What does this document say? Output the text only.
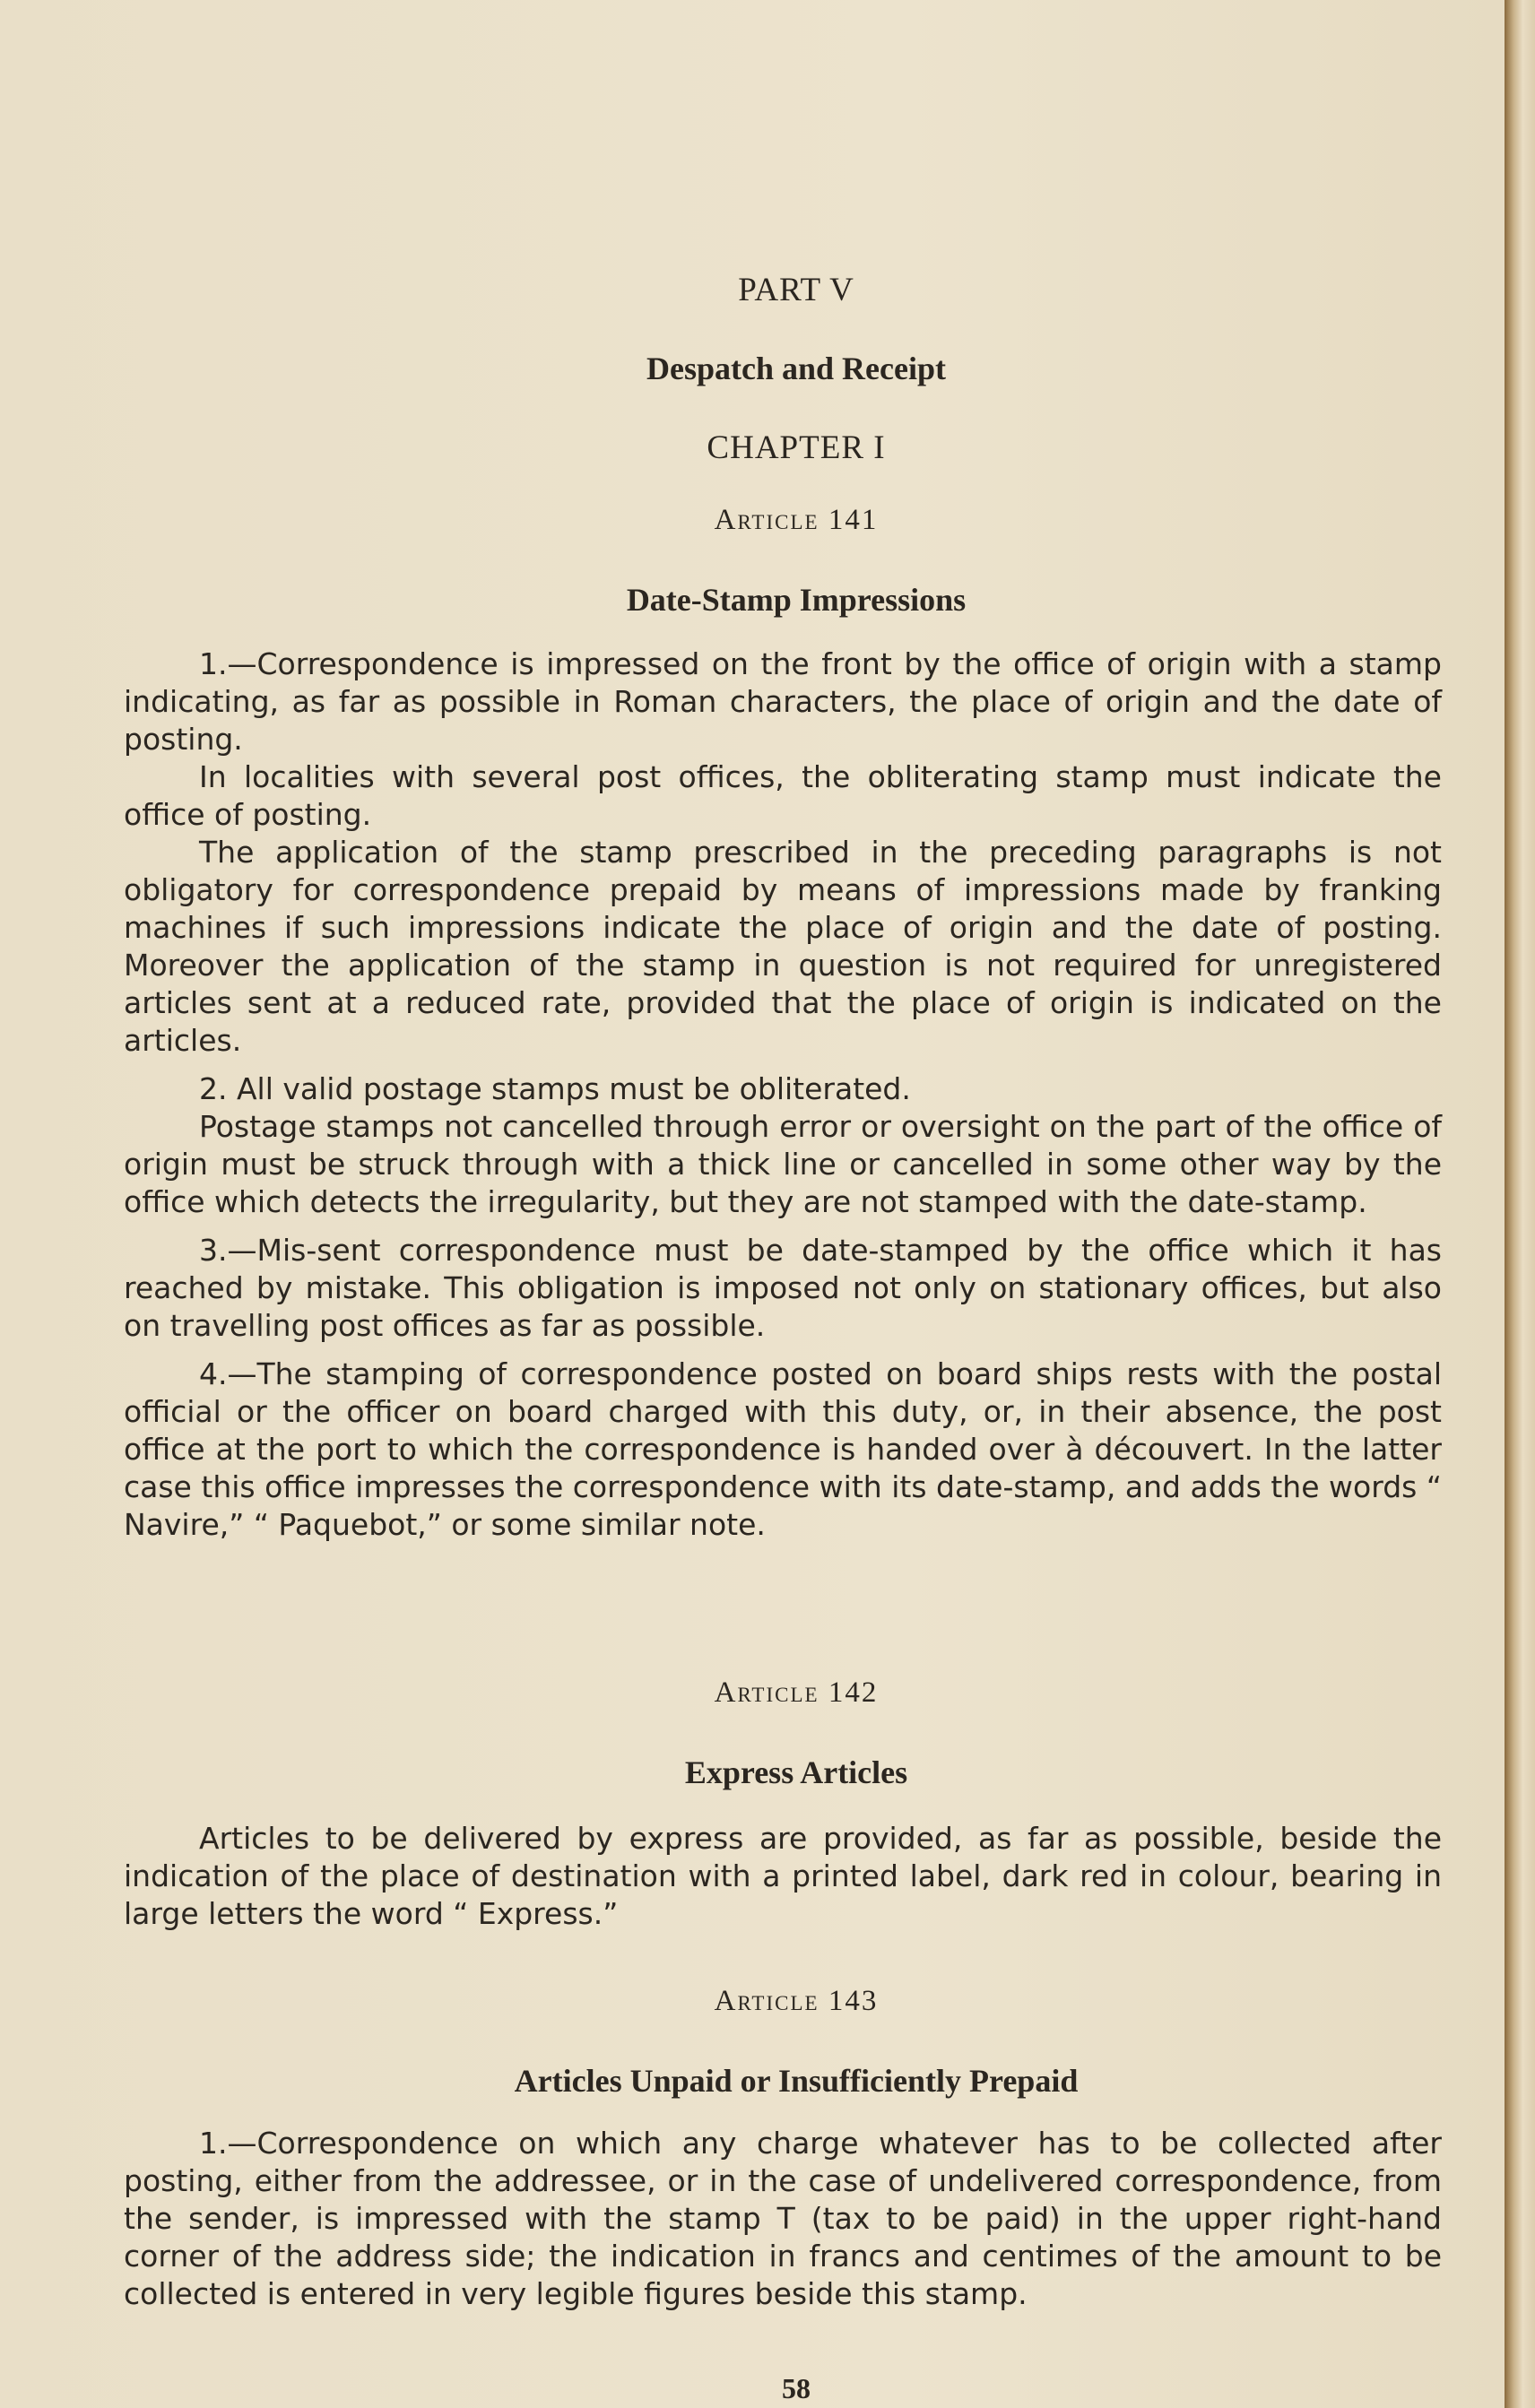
PART V
Despatch and Receipt
CHAPTER I
Article 141
Date-Stamp Impressions

1.—Correspondence is impressed on the front by the office of origin with a stamp indicating, as far as possible in Roman characters, the place of origin and the date of posting.

In localities with several post offices, the obliterating stamp must indicate the office of posting.

The application of the stamp prescribed in the preceding paragraphs is not obligatory for correspondence prepaid by means of impressions made by franking machines if such impressions indicate the place of origin and the date of posting. Moreover the application of the stamp in question is not required for unregistered articles sent at a reduced rate, provided that the place of origin is indicated on the articles.

2. All valid postage stamps must be obliterated.

Postage stamps not cancelled through error or oversight on the part of the office of origin must be struck through with a thick line or cancelled in some other way by the office which detects the irregularity, but they are not stamped with the date-stamp.

3.—Mis-sent correspondence must be date-stamped by the office which it has reached by mistake. This obligation is imposed not only on stationary offices, but also on travelling post offices as far as possible.

4.—The stamping of correspondence posted on board ships rests with the postal official or the officer on board charged with this duty, or, in their absence, the post office at the port to which the correspondence is handed over à découvert. In the latter case this office impresses the correspondence with its date-stamp, and adds the words “ Navire,” “ Paquebot,” or some similar note.

Article 142
Express Articles

Articles to be delivered by express are provided, as far as possible, beside the indication of the place of destination with a printed label, dark red in colour, bearing in large letters the word “ Express.”

Article 143
Articles Unpaid or Insufficiently Prepaid

1.—Correspondence on which any charge whatever has to be collected after posting, either from the addressee, or in the case of undelivered correspondence, from the sender, is impressed with the stamp T (tax to be paid) in the upper right-hand corner of the address side; the indication in francs and centimes of the amount to be collected is entered in very legible figures beside this stamp.

58
